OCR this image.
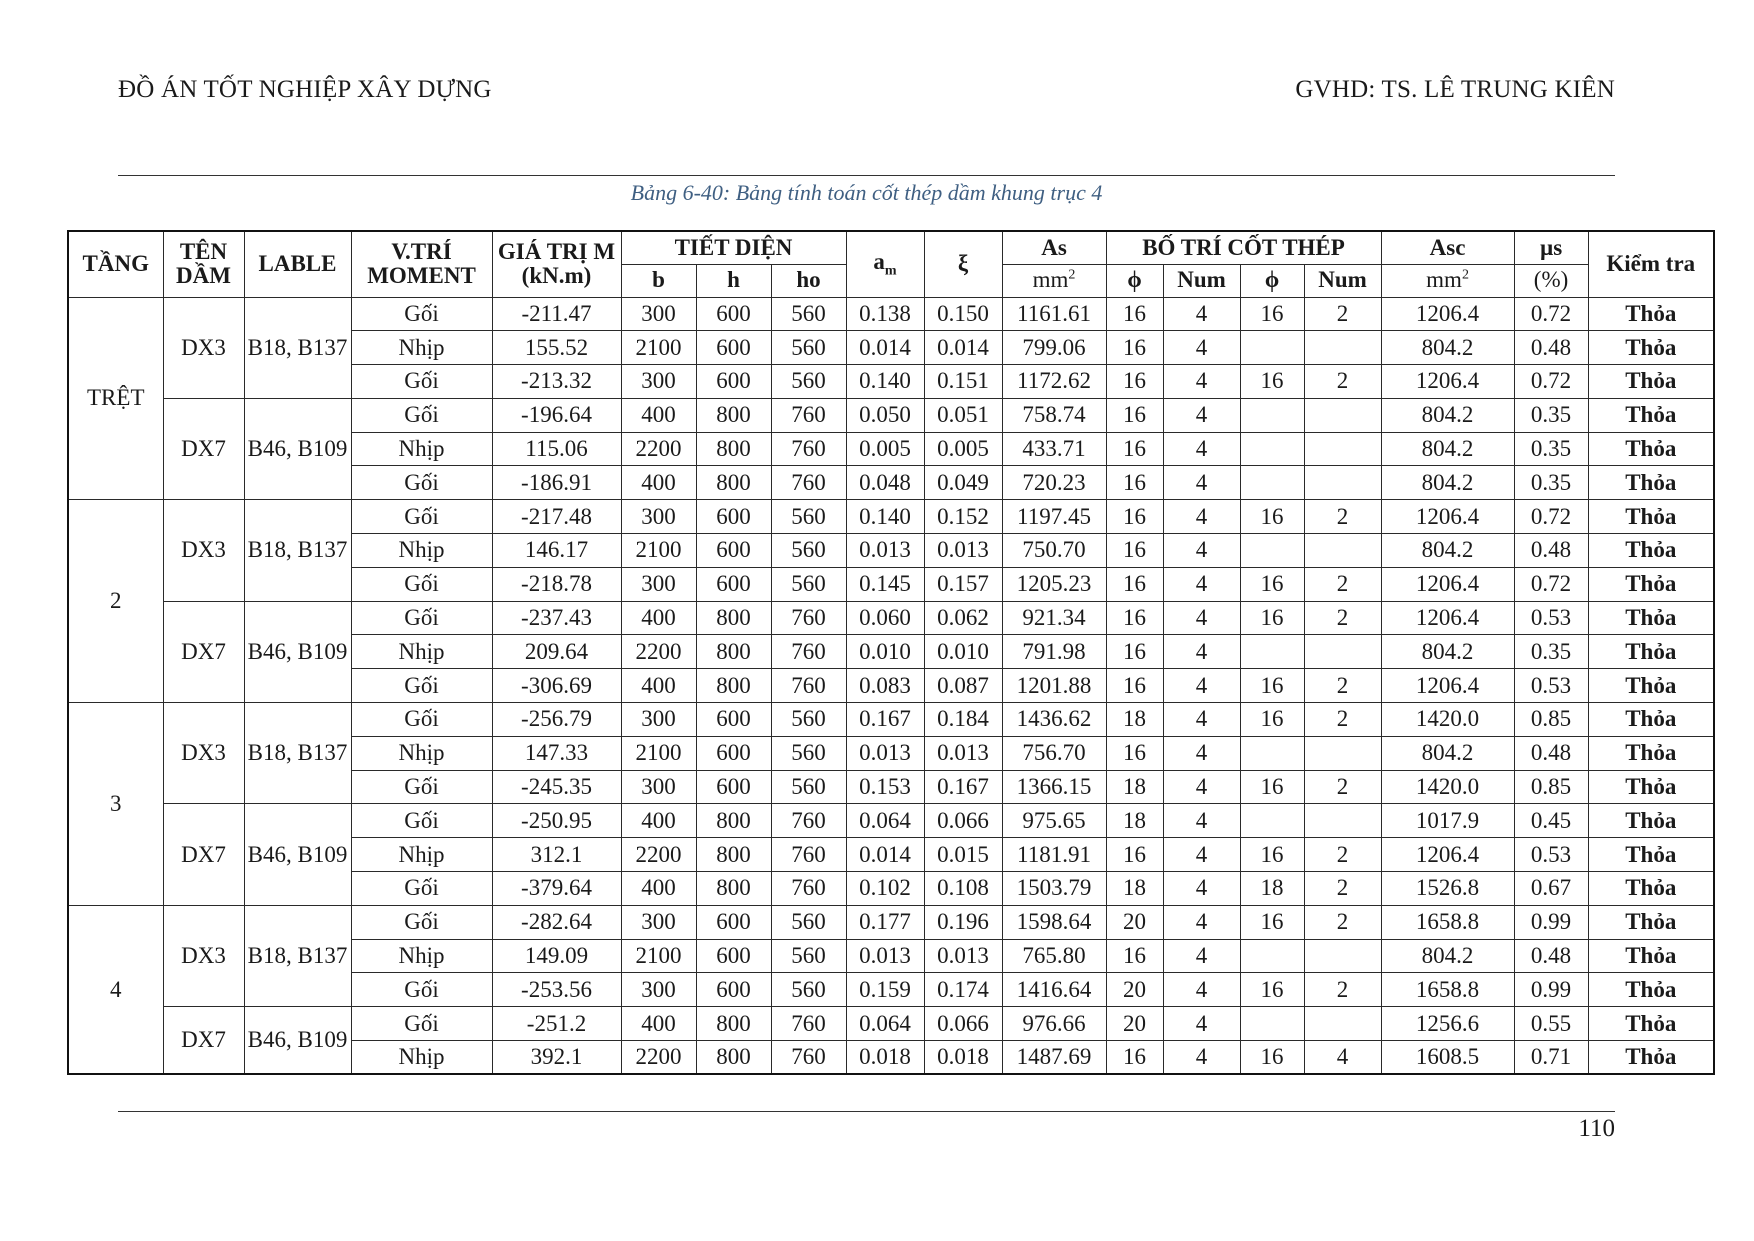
ĐỒ ÁN TỐT NGHIỆP XÂY DỰNG	GVHD: TS. LÊ TRUNG KIÊN
Bảng 6-40: Bảng tính toán cốt thép dầm khung trục 4
TẦNG	TÊN DẦM	LABLE	V.TRÍ MOMENT	GIÁ TRỊ M (kN.m)	TIẾT DIỆN			$a_m$	ξ	As	BỐ TRÍ CỐT THÉP				Asc	µs	Kiểm tra
					b	h	ho			$mm^2$	ϕ	Num	ϕ	Num	$mm^2$	(%)	
TRỆT	DX3	B18, B137	Gối	-211.47	300	600	560	0.138	0.150	1161.61	16	4	16	2	1206.4	0.72	Thỏa
			Nhịp	155.52	2100	600	560	0.014	0.014	799.06	16	4			804.2	0.48	Thỏa
			Gối	-213.32	300	600	560	0.140	0.151	1172.62	16	4	16	2	1206.4	0.72	Thỏa
	DX7	B46, B109	Gối	-196.64	400	800	760	0.050	0.051	758.74	16	4			804.2	0.35	Thỏa
			Nhịp	115.06	2200	800	760	0.005	0.005	433.71	16	4			804.2	0.35	Thỏa
			Gối	-186.91	400	800	760	0.048	0.049	720.23	16	4			804.2	0.35	Thỏa
2	DX3	B18, B137	Gối	-217.48	300	600	560	0.140	0.152	1197.45	16	4	16	2	1206.4	0.72	Thỏa
			Nhịp	146.17	2100	600	560	0.013	0.013	750.70	16	4			804.2	0.48	Thỏa
			Gối	-218.78	300	600	560	0.145	0.157	1205.23	16	4	16	2	1206.4	0.72	Thỏa
	DX7	B46, B109	Gối	-237.43	400	800	760	0.060	0.062	921.34	16	4	16	2	1206.4	0.53	Thỏa
			Nhịp	209.64	2200	800	760	0.010	0.010	791.98	16	4			804.2	0.35	Thỏa
			Gối	-306.69	400	800	760	0.083	0.087	1201.88	16	4	16	2	1206.4	0.53	Thỏa
3	DX3	B18, B137	Gối	-256.79	300	600	560	0.167	0.184	1436.62	18	4	16	2	1420.0	0.85	Thỏa
			Nhịp	147.33	2100	600	560	0.013	0.013	756.70	16	4			804.2	0.48	Thỏa
			Gối	-245.35	300	600	560	0.153	0.167	1366.15	18	4	16	2	1420.0	0.85	Thỏa
	DX7	B46, B109	Gối	-250.95	400	800	760	0.064	0.066	975.65	18	4			1017.9	0.45	Thỏa
			Nhịp	312.1	2200	800	760	0.014	0.015	1181.91	16	4	16	2	1206.4	0.53	Thỏa
			Gối	-379.64	400	800	760	0.102	0.108	1503.79	18	4	18	2	1526.8	0.67	Thỏa
4	DX3	B18, B137	Gối	-282.64	300	600	560	0.177	0.196	1598.64	20	4	16	2	1658.8	0.99	Thỏa
			Nhịp	149.09	2100	600	560	0.013	0.013	765.80	16	4			804.2	0.48	Thỏa
			Gối	-253.56	300	600	560	0.159	0.174	1416.64	20	4	16	2	1658.8	0.99	Thỏa
	DX7	B46, B109	Gối	-251.2	400	800	760	0.064	0.066	976.66	20	4			1256.6	0.55	Thỏa
			Nhịp	392.1	2200	800	760	0.018	0.018	1487.69	16	4	16	4	1608.5	0.71	Thỏa
110
